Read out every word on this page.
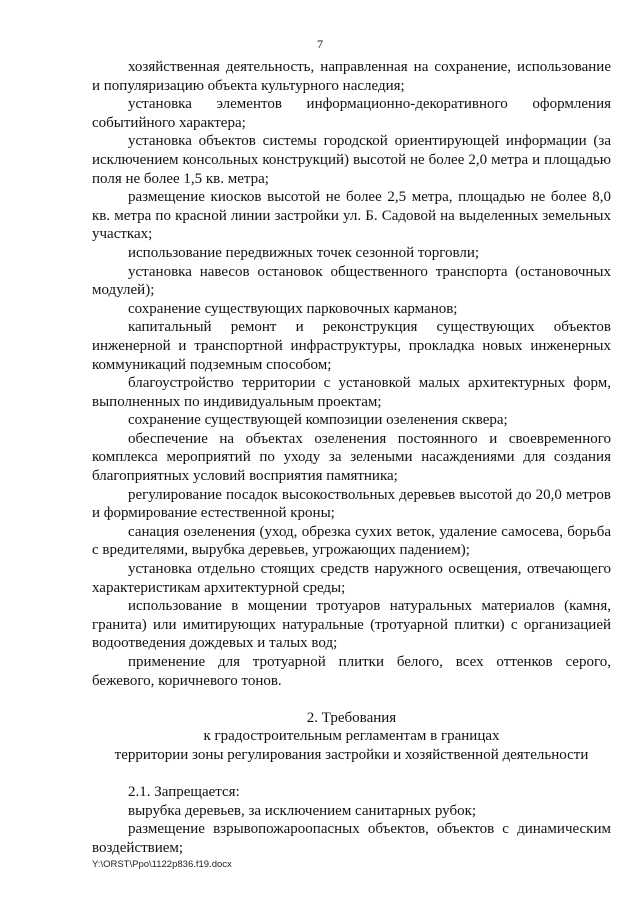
7

хозяйственная деятельность, направленная на сохранение, использование и популяризацию объекта культурного наследия;

установка элементов информационно-декоративного оформления событийного характера;

установка объектов системы городской ориентирующей информации (за исключением консольных конструкций) высотой не более 2,0 метра и площадью поля не более 1,5 кв. метра;

размещение киосков высотой не более 2,5 метра, площадью не более 8,0 кв. метра по красной линии застройки ул. Б. Садовой на выделенных земельных участках;

использование передвижных точек сезонной торговли;

установка навесов остановок общественного транспорта (остановочных модулей);

сохранение существующих парковочных карманов;

капитальный ремонт и реконструкция существующих объектов инженерной и транспортной инфраструктуры, прокладка новых инженерных коммуникаций подземным способом;

благоустройство территории с установкой малых архитектурных форм, выполненных по индивидуальным проектам;

сохранение существующей композиции озеленения сквера;

обеспечение на объектах озеленения постоянного и своевременного комплекса мероприятий по уходу за зелеными насаждениями для создания благоприятных условий восприятия памятника;

регулирование посадок высокоствольных деревьев высотой до 20,0 метров и формирование естественной кроны;

санация озеленения (уход, обрезка сухих веток, удаление самосева, борьба с вредителями, вырубка деревьев, угрожающих падением);

установка отдельно стоящих средств наружного освещения, отвечающего характеристикам архитектурной среды;

использование в мощении тротуаров натуральных материалов (камня, гранита) или имитирующих натуральные (тротуарной плитки) с организацией водоотведения дождевых и талых вод;

применение для тротуарной плитки белого, всех оттенков серого, бежевого, коричневого тонов.

2. Требования

к градостроительным регламентам в границах

территории зоны регулирования застройки и хозяйственной деятельности

2.1. Запрещается:

вырубка деревьев, за исключением санитарных рубок;

размещение взрывопожароопасных объектов, объектов с динамическим воздействием;

Y:\ORST\Ppo\1122p836.f19.docx
